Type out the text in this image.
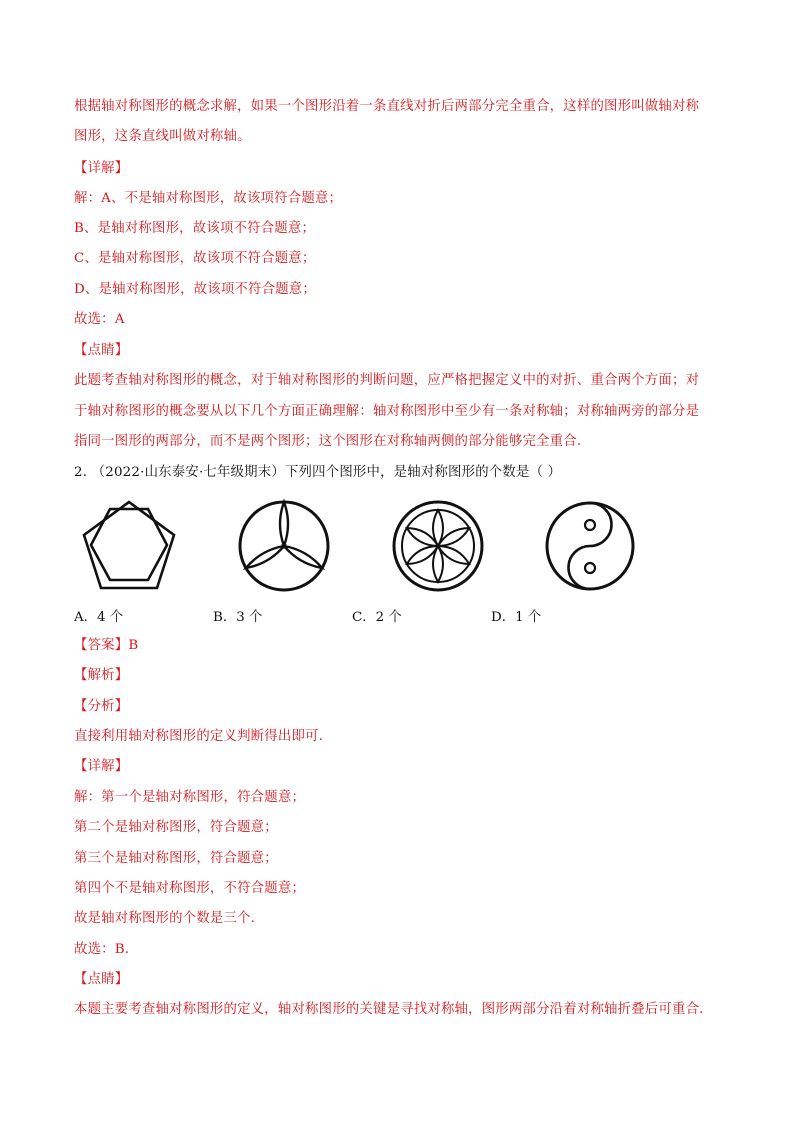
根据轴对称图形的概念求解，如果一个图形沿着一条直线对折后两部分完全重合，这样的图形叫做轴对称
图形，这条直线叫做对称轴。
【详解】
解：A、不是轴对称图形，故该项符合题意；
B、是轴对称图形，故该项不符合题意；
C、是轴对称图形，故该项不符合题意；
D、是轴对称图形，故该项不符合题意；
故选：A
【点睛】
此题考查轴对称图形的概念，对于轴对称图形的判断问题，应严格把握定义中的对折、重合两个方面；对
于轴对称图形的概念要从以下几个方面正确理解：轴对称图形中至少有一条对称轴；对称轴两旁的部分是
指同一图形的两部分，而不是两个图形；这个图形在对称轴两侧的部分能够完全重合.
2. （2022·山东泰安·七年级期末）下列四个图形中，是轴对称图形的个数是（ ）
A．4 个	B．3 个	C．2 个	D．1 个
【答案】B
【解析】
【分析】
直接利用轴对称图形的定义判断得出即可.
【详解】
解：第一个是轴对称图形，符合题意；
第二个是轴对称图形，符合题意；
第三个是轴对称图形，符合题意；
第四个不是轴对称图形，不符合题意；
故是轴对称图形的个数是三个.
故选：B.
【点睛】
本题主要考查轴对称图形的定义，轴对称图形的关键是寻找对称轴，图形两部分沿着对称轴折叠后可重合.
